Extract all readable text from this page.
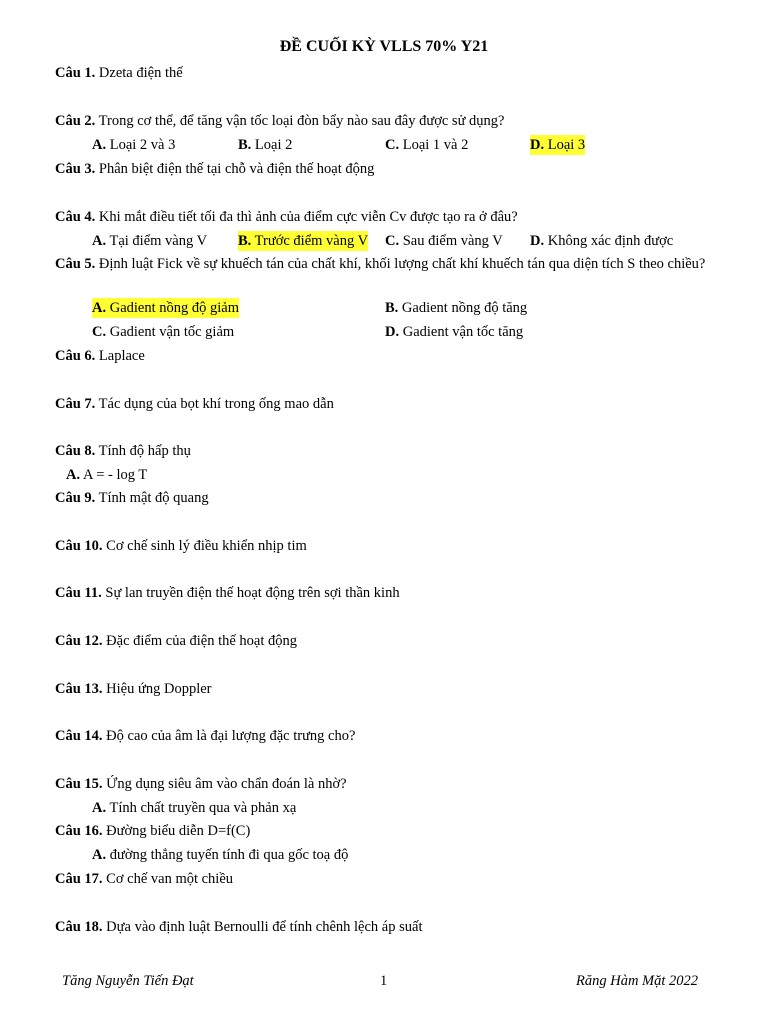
ĐỀ CUỐI KỲ VLLS 70% Y21
Câu 1. Dzeta điện thế
Câu 2. Trong cơ thể, để tăng vận tốc loại đòn bẩy nào sau đây được sử dụng?
A. Loại 2 và 3	B. Loại 2	C. Loại 1 và 2	D. Loại 3
Câu 3. Phân biệt điện thế tại chỗ và điện thế hoạt động
Câu 4. Khi mắt điều tiết tối đa thì ảnh của điểm cực viễn Cv được tạo ra ở đâu?
A. Tại điểm vàng V B. Trước điểm vàng V C. Sau điểm vàng V D. Không xác định được
Câu 5. Định luật Fick về sự khuếch tán của chất khí, khối lượng chất khí khuếch tán qua diện tích S theo chiều?
A. Gadient nồng độ giảm	B. Gadient nồng độ tăng
C. Gadient vận tốc giảm	D. Gadient vận tốc tăng
Câu 6. Laplace
Câu 7. Tác dụng của bọt khí trong ống mao dẫn
Câu 8. Tính độ hấp thụ
A. A = - log T
Câu 9. Tính mật độ quang
Câu 10. Cơ chế sinh lý điều khiển nhịp tim
Câu 11. Sự lan truyền điện thế hoạt động trên sợi thần kinh
Câu 12. Đặc điểm của điện thế hoạt động
Câu 13. Hiệu ứng Doppler
Câu 14. Độ cao của âm là đại lượng đặc trưng cho?
Câu 15. Ứng dụng siêu âm vào chẩn đoán là nhờ?
A. Tính chất truyền qua và phản xạ
Câu 16. Đường biểu diễn D=f(C)
A. đường thẳng tuyến tính đi qua gốc toạ độ
Câu 17. Cơ chế van một chiều
Câu 18. Dựa vào định luật Bernoulli để tính chênh lệch áp suất
Tăng Nguyễn Tiến Đạt	1	Răng Hàm Mặt 2022
